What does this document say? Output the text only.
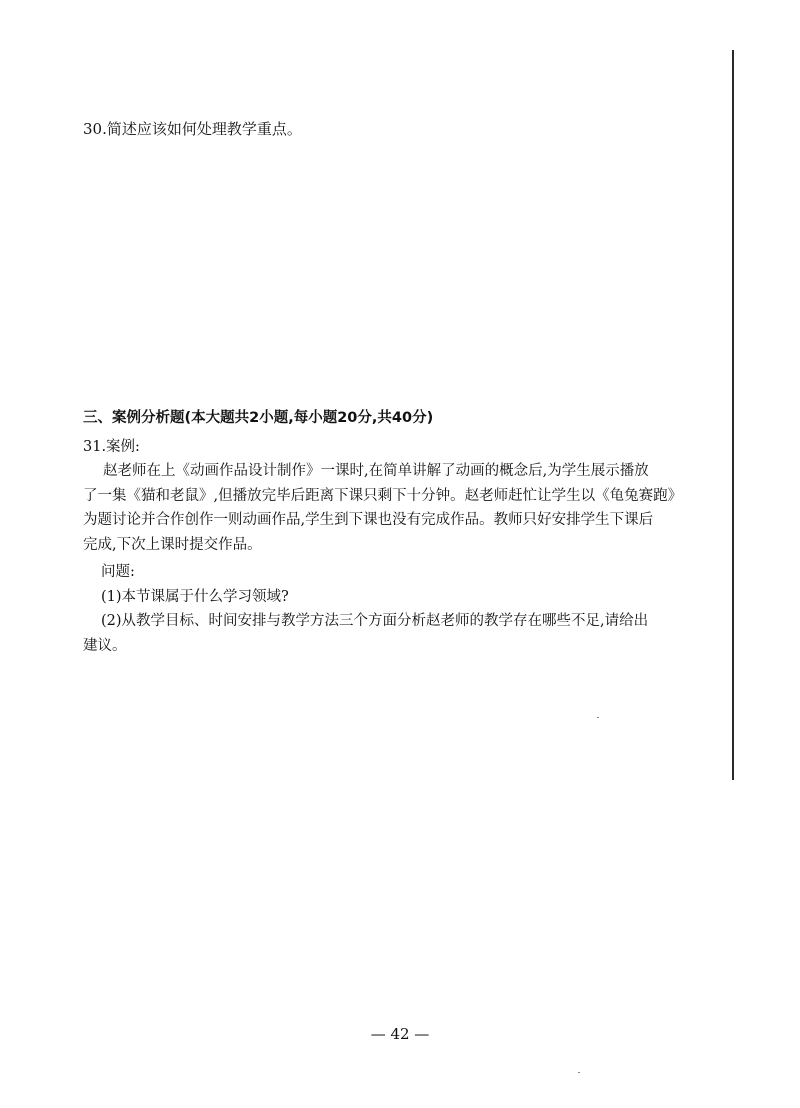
30.简述应该如何处理教学重点。
三、案例分析题(本大题共2小题,每小题20分,共40分)
31.案例:

赵老师在上《动画作品设计制作》一课时,在简单讲解了动画的概念后,为学生展示播放

了一集《猫和老鼠》,但播放完毕后距离下课只剩下十分钟。赵老师赶忙让学生以《龟兔赛跑》

为题讨论并合作创作一则动画作品,学生到下课也没有完成作品。教师只好安排学生下课后

完成,下次上课时提交作品。

问题:

(1)本节课属于什么学习领域?

(2)从教学目标、时间安排与教学方法三个方面分析赵老师的教学存在哪些不足,请给出

建议。

— 42 —
